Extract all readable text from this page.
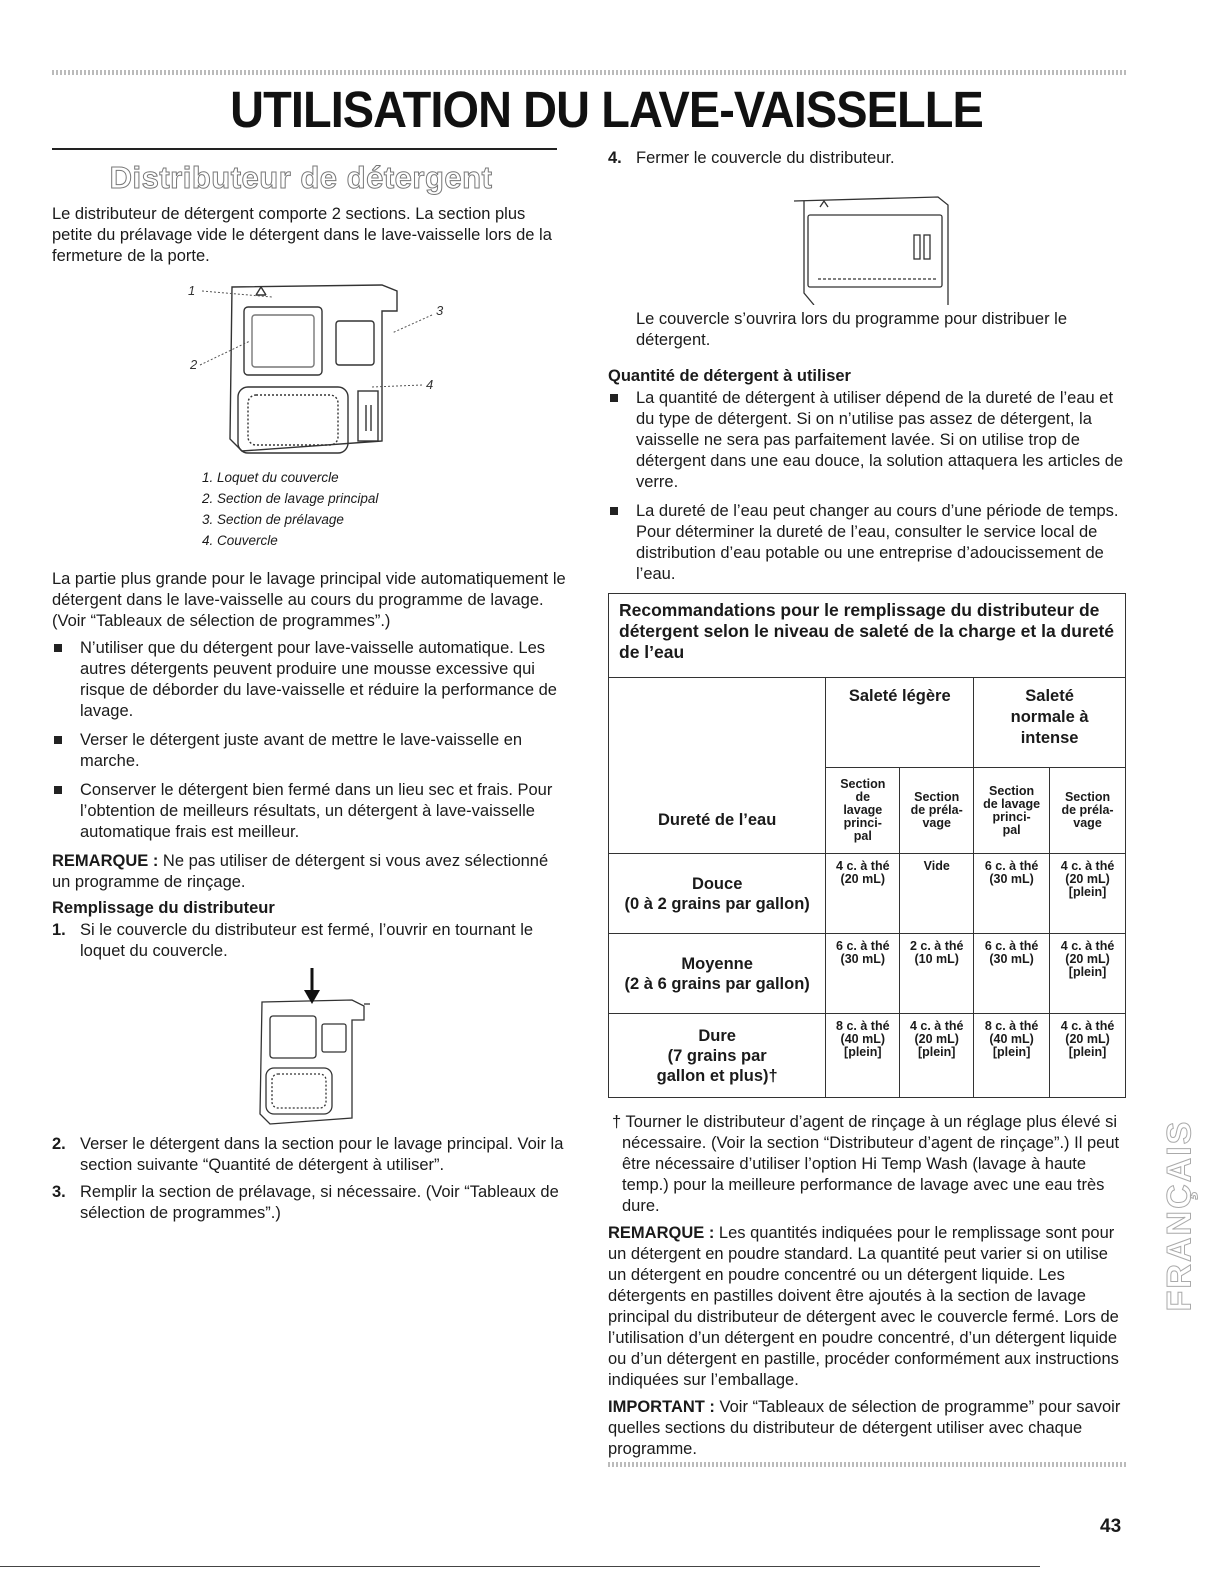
UTILISATION DU LAVE-VAISSELLE
Distributeur de détergent

Le distributeur de détergent comporte 2 sections. La section plus petite du prélavage vide le détergent dans le lave-vaisselle lors de la fermeture de la porte.

1
2
3
4
1. Loquet du couvercle
2. Section de lavage principal
3. Section de prélavage
4. Couvercle

La partie plus grande pour le lavage principal vide automatiquement le détergent dans le lave-vaisselle au cours du programme de lavage. (Voir “Tableaux de sélection de programmes”.)

N’utiliser que du détergent pour lave-vaisselle automatique. Les autres détergents peuvent produire une mousse excessive qui risque de déborder du lave-vaisselle et réduire la performance de lavage.
Verser le détergent juste avant de mettre le lave-vaisselle en marche.
Conserver le détergent bien fermé dans un lieu sec et frais. Pour l’obtention de meilleurs résultats, un détergent à lave-vaisselle automatique frais est meilleur.

REMARQUE : Ne pas utiliser de détergent si vous avez sélectionné un programme de rinçage.

Remplissage du distributeur
1. Si le couvercle du distributeur est fermé, l’ouvrir en tournant le loquet du couvercle.
2. Verser le détergent dans la section pour le lavage principal. Voir la section suivante “Quantité de détergent à utiliser”.
3. Remplir la section de prélavage, si nécessaire. (Voir “Tableaux de sélection de programmes”.)
4. Fermer le couvercle du distributeur.

Le couvercle s’ouvrira lors du programme pour distribuer le détergent.

Quantité de détergent à utiliser
La quantité de détergent à utiliser dépend de la dureté de l’eau et du type de détergent. Si on n’utilise pas assez de détergent, la vaisselle ne sera pas parfaitement lavée. Si on utilise trop de détergent dans une eau douce, la solution attaquera les articles de verre.
La dureté de l’eau peut changer au cours d’une période de temps. Pour déterminer la dureté de l’eau, consulter le service local de distribution d’eau potable ou une entreprise d’adoucissement de l’eau.
Recommandations pour le remplissage du distributeur de détergent selon le niveau de saleté de la charge et la dureté de l’eau				
Dureté de l’eau	Saleté légère		Saleté normale à intense	
	Section de lavage princi- pal	Section de préla- vage	Section de lavage princi- pal	Section de préla- vage

Douce
(0 à 2 grains par gallon)	4 c. à thé (20 mL)	Vide	6 c. à thé (30 mL)	4 c. à thé (20 mL) [plein]

Moyenne
(2 à 6 grains par gallon)	6 c. à thé (30 mL)	2 c. à thé (10 mL)	6 c. à thé (30 mL)	4 c. à thé (20 mL) [plein]

Dure
(7 grains par gallon et plus)†	8 c. à thé (40 mL) [plein]	4 c. à thé (20 mL) [plein]	8 c. à thé (40 mL) [plein]	4 c. à thé (20 mL) [plein]

† Tourner le distributeur d’agent de rinçage à un réglage plus élevé si nécessaire. (Voir la section “Distributeur d’agent de rinçage”.) Il peut être nécessaire d’utiliser l’option Hi Temp Wash (lavage à haute temp.) pour la meilleure performance de lavage avec une eau très dure.

REMARQUE : Les quantités indiquées pour le remplissage sont pour un détergent en poudre standard. La quantité peut varier si on utilise un détergent en poudre concentré ou un détergent liquide. Les détergents en pastilles doivent être ajoutés à la section de lavage principal du distributeur de détergent avec le couvercle fermé. Lors de l’utilisation d’un détergent en poudre concentré, d’un détergent liquide ou d’un détergent en pastille, procéder conformément aux instructions indiquées sur l’emballage.

IMPORTANT : Voir “Tableaux de sélection de programme” pour savoir quelles sections du distributeur de détergent utiliser avec chaque programme.

FRANÇAIS
43
